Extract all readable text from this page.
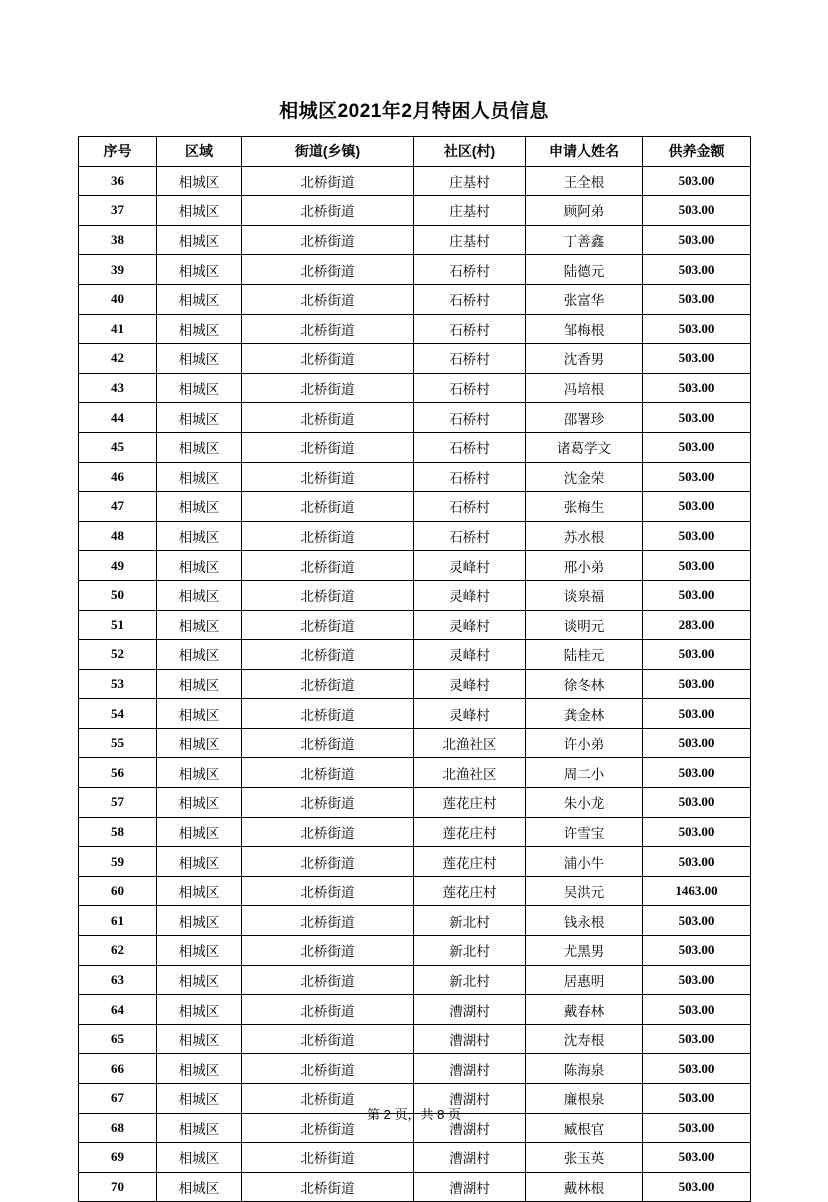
相城区2021年2月特困人员信息
序号	区域	街道(乡镇)	社区(村)	申请人姓名	供养金额
36	相城区	北桥街道	庄基村	王全根	503.00
37	相城区	北桥街道	庄基村	顾阿弟	503.00
38	相城区	北桥街道	庄基村	丁善鑫	503.00
39	相城区	北桥街道	石桥村	陆德元	503.00
40	相城区	北桥街道	石桥村	张富华	503.00
41	相城区	北桥街道	石桥村	邹梅根	503.00
42	相城区	北桥街道	石桥村	沈香男	503.00
43	相城区	北桥街道	石桥村	冯培根	503.00
44	相城区	北桥街道	石桥村	邵署珍	503.00
45	相城区	北桥街道	石桥村	诸葛学文	503.00
46	相城区	北桥街道	石桥村	沈金荣	503.00
47	相城区	北桥街道	石桥村	张梅生	503.00
48	相城区	北桥街道	石桥村	苏水根	503.00
49	相城区	北桥街道	灵峰村	邢小弟	503.00
50	相城区	北桥街道	灵峰村	谈泉福	503.00
51	相城区	北桥街道	灵峰村	谈明元	283.00
52	相城区	北桥街道	灵峰村	陆桂元	503.00
53	相城区	北桥街道	灵峰村	徐冬林	503.00
54	相城区	北桥街道	灵峰村	龚金林	503.00
55	相城区	北桥街道	北渔社区	许小弟	503.00
56	相城区	北桥街道	北渔社区	周二小	503.00
57	相城区	北桥街道	莲花庄村	朱小龙	503.00
58	相城区	北桥街道	莲花庄村	许雪宝	503.00
59	相城区	北桥街道	莲花庄村	浦小牛	503.00
60	相城区	北桥街道	莲花庄村	吴洪元	1463.00
61	相城区	北桥街道	新北村	钱永根	503.00
62	相城区	北桥街道	新北村	尤黑男	503.00
63	相城区	北桥街道	新北村	居惠明	503.00
64	相城区	北桥街道	漕湖村	戴春林	503.00
65	相城区	北桥街道	漕湖村	沈寿根	503.00
66	相城区	北桥街道	漕湖村	陈海泉	503.00
67	相城区	北桥街道	漕湖村	廉根泉	503.00
68	相城区	北桥街道	漕湖村	臧根官	503.00
69	相城区	北桥街道	漕湖村	张玉英	503.00
70	相城区	北桥街道	漕湖村	戴林根	503.00
第 2 页，共 8 页
